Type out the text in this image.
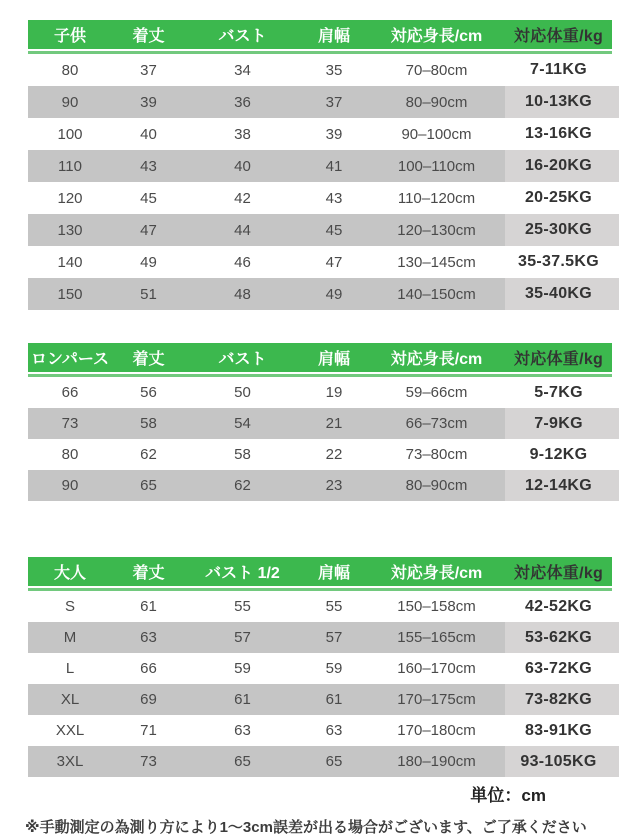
子供	着丈	バスト	肩幅	対応身長/cm	対応体重/kg
80	37	34	35	70–80cm	7-11KG
90	39	36	37	80–90cm	10-13KG
100	40	38	39	90–100cm	13-16KG
110	43	40	41	100–110cm	16-20KG
120	45	42	43	110–120cm	20-25KG
130	47	44	45	120–130cm	25-30KG
140	49	46	47	130–145cm	35-37.5KG
150	51	48	49	140–150cm	35-40KG
ロンパース	着丈	バスト	肩幅	対応身長/cm	対応体重/kg
66	56	50	19	59–66cm	5-7KG
73	58	54	21	66–73cm	7-9KG
80	62	58	22	73–80cm	9-12KG
90	65	62	23	80–90cm	12-14KG
大人	着丈	バスト 1/2	肩幅	対応身長/cm	対応体重/kg
S	61	55	55	150–158cm	42-52KG
M	63	57	57	155–165cm	53-62KG
L	66	59	59	160–170cm	63-72KG
XL	69	61	61	170–175cm	73-82KG
XXL	71	63	63	170–180cm	83-91KG
3XL	73	65	65	180–190cm	93-105KG
単位：cm
※手動測定の為測り方により1～3cm誤差が出る場合がございます、ご了承ください
